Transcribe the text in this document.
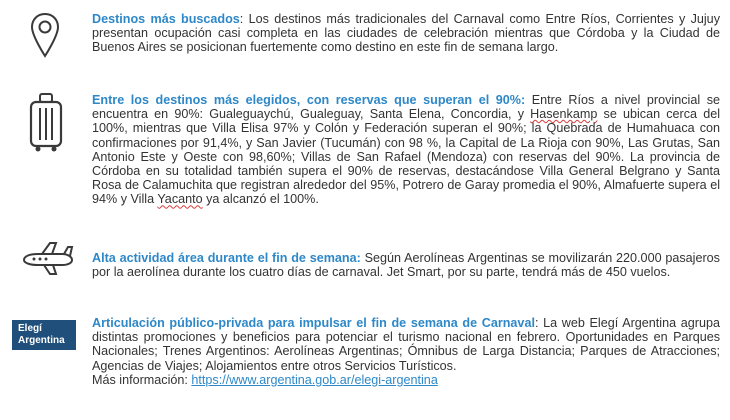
Destinos más buscados: Los destinos más tradicionales del Carnaval como Entre Ríos, Corrientes y Jujuy presentan ocupación casi completa en las ciudades de celebración mientras que Córdoba y la Ciudad de Buenos Aires se posicionan fuertemente como destino en este fin de semana largo.
Entre los destinos más elegidos, con reservas que superan el 90%: Entre Ríos a nivel provincial se encuentra en 90%: Gualeguaychú, Gualeguay, Santa Elena, Concordia, y Hasenkamp se ubican cerca del 100%, mientras que Villa Elisa 97% y Colón y Federación superan el 90%; la Quebrada de Humahuaca con confirmaciones por 91,4%, y San Javier (Tucumán) con 98 %, la Capital de La Rioja con 90%, Las Grutas, San Antonio Este y Oeste con 98,60%; Villas de San Rafael (Mendoza) con reservas del 90%. La provincia de Córdoba en su totalidad también supera el 90% de reservas, destacándose Villa General Belgrano y Santa Rosa de Calamuchita que registran alrededor del 95%, Potrero de Garay promedia el 90%, Almafuerte supera el 94% y Villa Yacanto ya alcanzó el 100%.
Alta actividad área durante el fin de semana: Según Aerolíneas Argentinas se movilizarán 220.000 pasajeros por la aerolínea durante los cuatro días de carnaval. Jet Smart, por su parte, tendrá más de 450 vuelos.
Elegí
Argentina
Articulación público-privada para impulsar el fin de semana de Carnaval: La web Elegí Argentina agrupa distintas promociones y beneficios para potenciar el turismo nacional en febrero. Oportunidades en Parques Nacionales; Trenes Argentinos: Aerolíneas Argentinas; Ómnibus de Larga Distancia; Parques de Atracciones; Agencias de Viajes; Alojamientos entre otros Servicios Turísticos.
Más información: https://www.argentina.gob.ar/elegi-argentina
